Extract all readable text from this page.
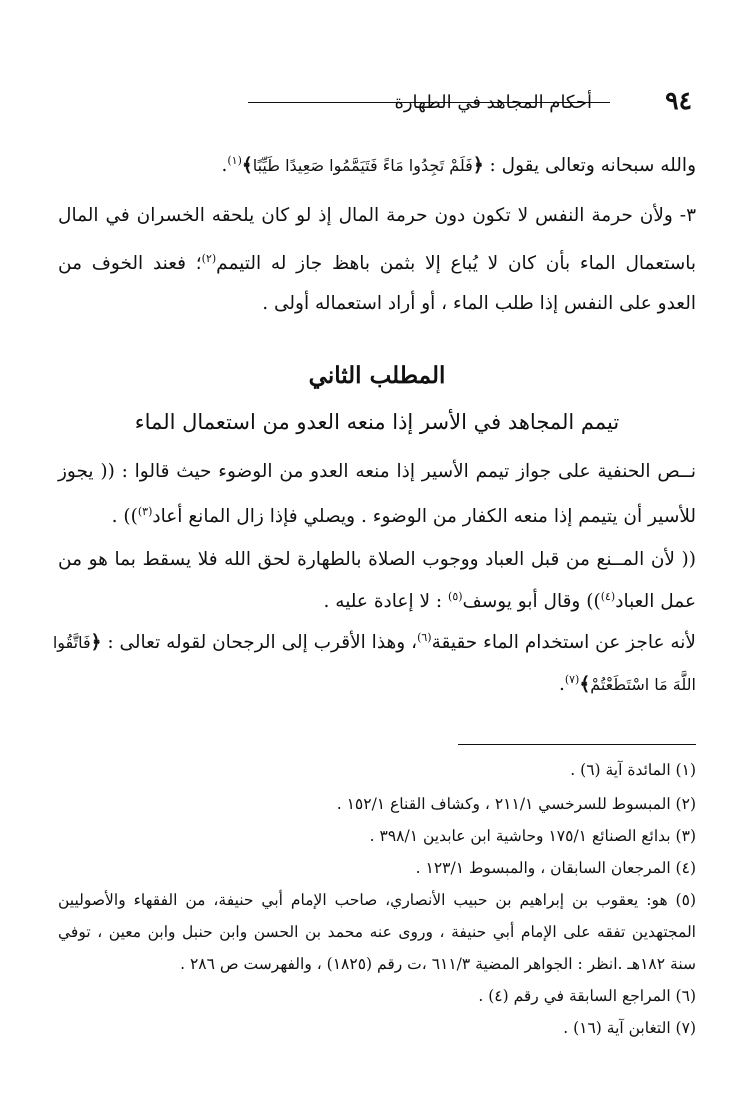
٩٤
أحكام المجاهد في الطهارة
والله سبحانه وتعالى يقول : ﴿فَلَمْ تَجِدُوا مَاءً فَتَيَمَّمُوا صَعِيدًا طَيِّبًا﴾$^{(١)}$.
٣- ولأن حرمة النفس لا تكون دون حرمة المال إذ لو كان يلحقه الخسران في المال
باستعمال الماء بأن كان لا يُباع إلا بثمن باهظ جاز له التيمم$^{(٢)}$؛ فعند الخوف من
العدو على النفس إذا طلب الماء ، أو أراد استعماله أولى .
المطلب الثاني
تيمم المجاهد في الأسر إذا منعه العدو من استعمال الماء
نــص الحنفية على جواز تيمم الأسير إذا منعه العدو من الوضوء حيث قالوا : (( يجوز
للأسير أن يتيمم إذا منعه الكفار من الوضوء . ويصلي فإذا زال المانع أعاد$^{(٣)}$)) .
(( لأن المــنع من قبل العباد ووجوب الصلاة بالطهارة لحق الله فلا يسقط بما هو من
عمل العباد$^{(٤)}$)) وقال أبو يوسف$^{(٥)}$ : لا إعادة عليه .
لأنه عاجز عن استخدام الماء حقيقة$^{(٦)}$، وهذا الأقرب إلى الرجحان لقوله تعالى : ﴿فَاتَّقُوا
اللَّهَ مَا اسْتَطَعْتُمْ﴾$^{(٧)}$.
(١) المائدة آية (٦) .
(٢) المبسوط للسرخسي ٢١١/١ ، وكشاف القناع ١٥٢/١ .
(٣) بدائع الصنائع ١٧٥/١ وحاشية ابن عابدين ٣٩٨/١ .
(٤) المرجعان السابقان ، والمبسوط ١٢٣/١ .
(٥) هو: يعقوب بن إبراهيم بن حبيب الأنصاري، صاحب الإمام أبي حنيفة، من الفقهاء والأصوليين
المجتهدين تفقه على الإمام أبي حنيفة ، وروى عنه محمد بن الحسن وابن حنبل وابن معين ، توفي
سنة ١٨٢هـ .انظر : الجواهر المضية ٦١١/٣ ،ت رقم (١٨٢٥) ، والفهرست ص ٢٨٦ .
(٦) المراجع السابقة في رقم (٤) .
(٧) التغابن آية (١٦) .
